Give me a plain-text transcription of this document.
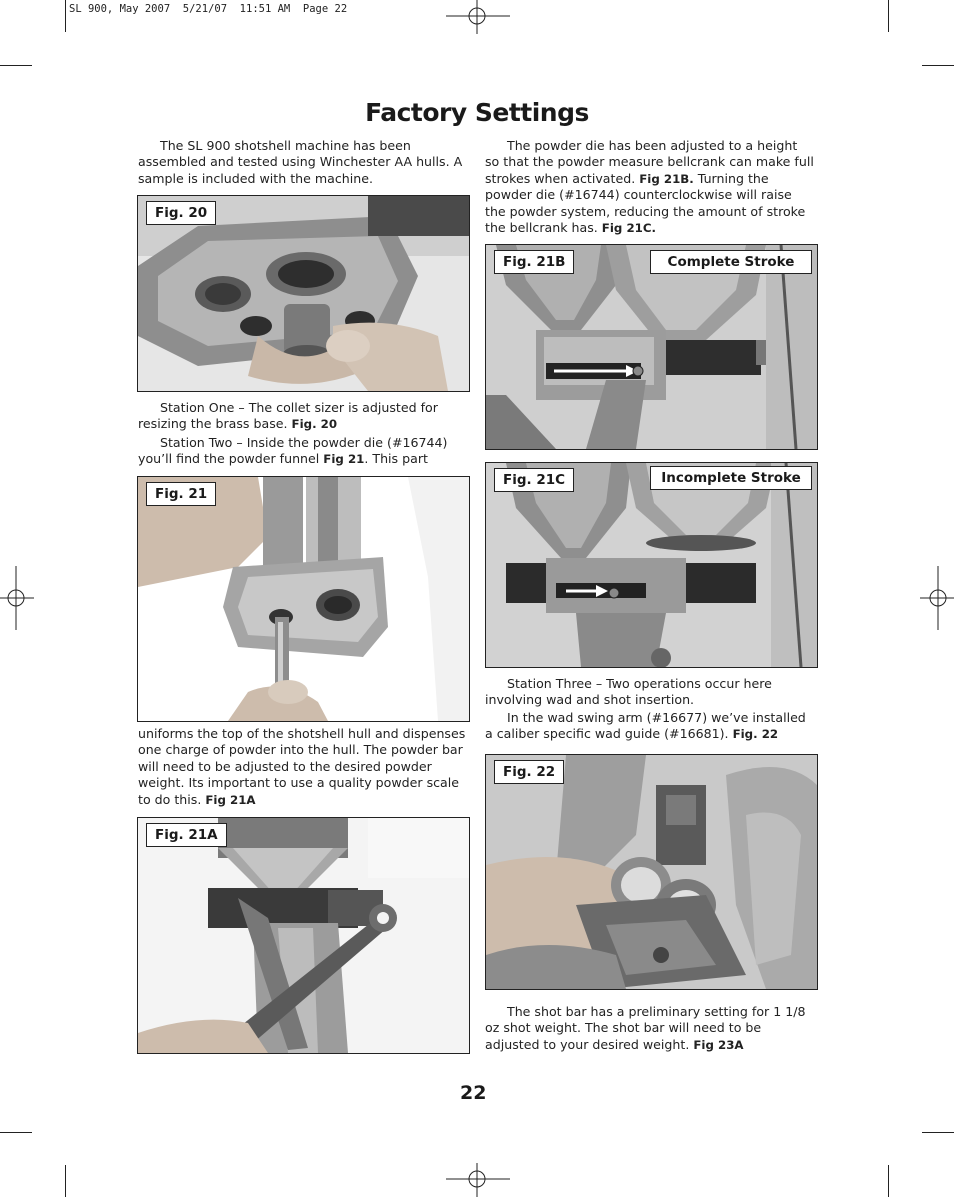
SL 900, May 2007  5/21/07  11:51 AM  Page 22
Factory Settings
The SL 900 shotshell machine has been assembled and tested using Winchester AA hulls. A sample is included with the machine.
Fig. 20
Station One – The collet sizer is adjusted for resizing the brass base. Fig. 20
Station Two – Inside the powder die (#16744) you’ll find the powder funnel Fig 21. This part
Fig. 21
uniforms the top of the shotshell hull and dispenses one charge of powder into the hull. The powder bar will need to be adjusted to the desired powder weight. Its important to use a quality powder scale to do this. Fig 21A
Fig. 21A
The powder die has been adjusted to a height so that the powder measure bellcrank can make full strokes when activated. Fig 21B. Turning the powder die (#16744) counterclockwise will raise the powder system, reducing the amount of stroke the bellcrank has. Fig 21C.
Fig. 21B	Complete Stroke
Fig. 21C	Incomplete Stroke
Station Three – Two operations occur here involving wad and shot insertion.
In the wad swing arm (#16677) we’ve installed a caliber specific wad guide (#16681). Fig. 22
Fig. 22
The shot bar has a preliminary setting for 1 1/8 oz shot weight. The shot bar will need to be adjusted to your desired weight. Fig 23A
22
